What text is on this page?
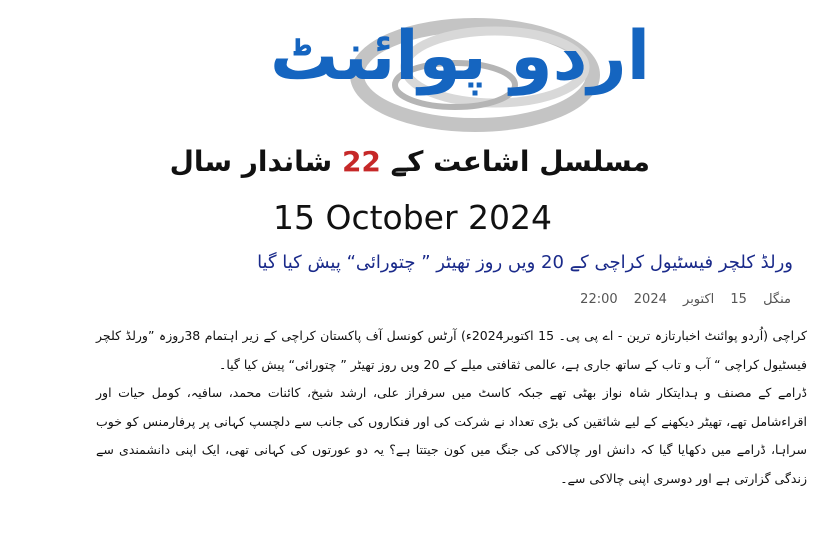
اردو پوائنٹ
مسلسل اشاعت کے 22 شاندار سال
15 October 2024
ورلڈ کلچر فیسٹیول کراچی کے 20 ویں روز تھیٹر ” چتورائی“ پیش کیا گیا
منگل 15 اکتوبر 2024 22:00

کراچی (اُردو پوائنٹ اخبارتازہ ترین - اے پی پی۔ 15 اکتوبر2024ء) آرٹس کونسل آف پاکستان کراچی کے زیر اہتمام 38روزہ ”ورلڈ کلچر فیسٹیول کراچی “ آب و تاب کے ساتھ جاری ہے، عالمی ثقافتی میلے کے 20 ویں روز تھیٹر ” چتورائی“ پیش کیا گیا۔

ڈرامے کے مصنف و ہدایتکار شاہ نواز بھٹی تھے جبکہ کاسٹ میں سرفراز علی، ارشد شیخ، کائنات محمد، سافیہ، کومل حیات اور اقراءشامل تھے، تھیٹر دیکھنے کے لیے شائقین کی بڑی تعداد نے شرکت کی اور فنکاروں کی جانب سے دلچسپ کہانی پر پرفارمنس کو خوب سراہا، ڈرامے میں دکھایا گیا کہ دانش اور چالاکی کی جنگ میں کون جیتتا ہے؟ یہ دو عورتوں کی کہانی تھی، ایک اپنی دانشمندی سے زندگی گزارتی ہے اور دوسری اپنی چالاکی سے۔
